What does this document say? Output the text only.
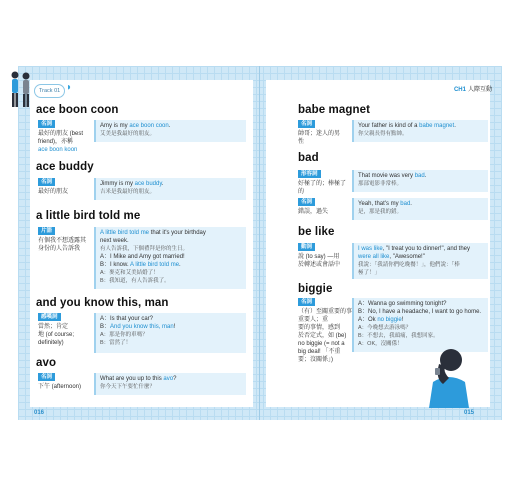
Track 01 ◗	CH1 人際互動
ace boon coon
名詞
最好的朋友 (best
friend)，亦稱
ace boon koon
Amy is my ace boon coon.
艾美是我最好的朋友。
ace buddy
名詞
最好的朋友
Jimmy is my ace buddy.
吉米是我最好的朋友。
a little bird told me
片語
有個我不想透露其
身份的人告訴我
A little bird told me that it's your birthday
next week.
有人告訴我，下個禮拜是你的生日。
A：I Mike and Amy got married!
B：I know. A little bird told me.
A：麥克和艾美結婚了！
B：我知道，有人告訴我了。
and you know this, man
感嘆詞
當然；肯定
地 (of course;
definitely)
A：Is that your car?
B：And you know this, man!
A：那是你的車嗎？
B：當然了！
avo
名詞
下午 (afternoon)
What are you up to this avo?
你今天下午要忙什麼？
016
babe magnet
名詞
帥哥；迷人的男
性
Your father is kind of a babe magnet.
你父親長得有點帥。
bad
形容詞
好極了的；棒極了
的
That movie was very bad.
那部電影非常棒。
名詞
錯誤，過失
Yeah, that's my bad.
是，那是我的錯。
be like
動詞
說 (to say) —用
於轉述或會話中
I was like, "I treat you to dinner!", and they
were all like, "Awesome!"
我說：「我請你們吃晚餐！」，他們說：「棒
極了！」
biggie
名詞
（有）至關重要的事
重要人；重
要的事情，感到
於否定式，如 (be)
no biggie (= not a
big deal! 「不重
要；沒關係」)
A：Wanna go swimming tonight?
B：No, I have a headache, I want to go home.
A：Ok no biggie!
A：今晚想去游泳嗎？
B：不想去，我頭痛，我想回家。
A：OK，沒關係！
015
